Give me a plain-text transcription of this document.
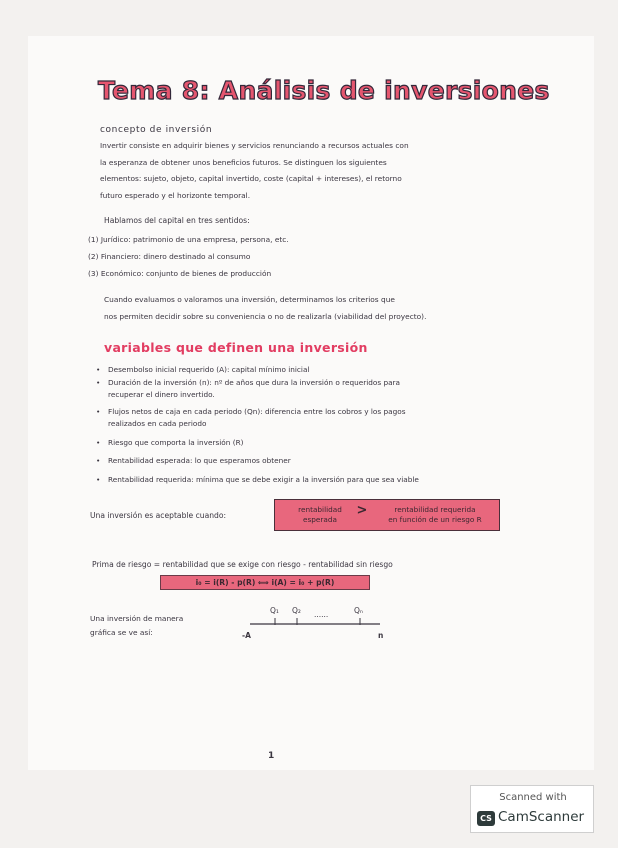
Tema 8: Análisis de inversiones
concepto de inversión
Invertir consiste en adquirir bienes y servicios renunciando a recursos actuales con
la esperanza de obtener unos beneficios futuros. Se distinguen los siguientes
elementos: sujeto, objeto, capital invertido, coste (capital + intereses), el retorno
futuro esperado y el horizonte temporal.
Hablamos del capital en tres sentidos:
(1) Jurídico: patrimonio de una empresa, persona, etc.
(2) Financiero: dinero destinado al consumo
(3) Económico: conjunto de bienes de producción
Cuando evaluamos o valoramos una inversión, determinamos los criterios que
nos permiten decidir sobre su conveniencia o no de realizarla (viabilidad del proyecto).
variables que definen una inversión
• Desembolso inicial requerido (A): capital mínimo inicial
• Duración de la inversión (n): nº de años que dura la inversión o requeridos para
recuperar el dinero invertido.
• Flujos netos de caja en cada periodo (Qn): diferencia entre los cobros y los pagos
realizados en cada periodo
• Riesgo que comporta la inversión (R)
• Rentabilidad esperada: lo que esperamos obtener
• Rentabilidad requerida: mínima que se debe exigir a la inversión para que sea viable
Una inversión es aceptable cuando:
rentabilidad
esperada
>	rentabilidad requerida
en función de un riesgo R
Prima de riesgo = rentabilidad que se exige con riesgo - rentabilidad sin riesgo
i₀ = i(R) - p(R) ⟺ i(A) = i₀ + p(R)
Una inversión de manera
gráfica se ve así:
Q₁ Q₂ ......	Qₙ
-A	n
1
Scanned with
CS CamScanner
